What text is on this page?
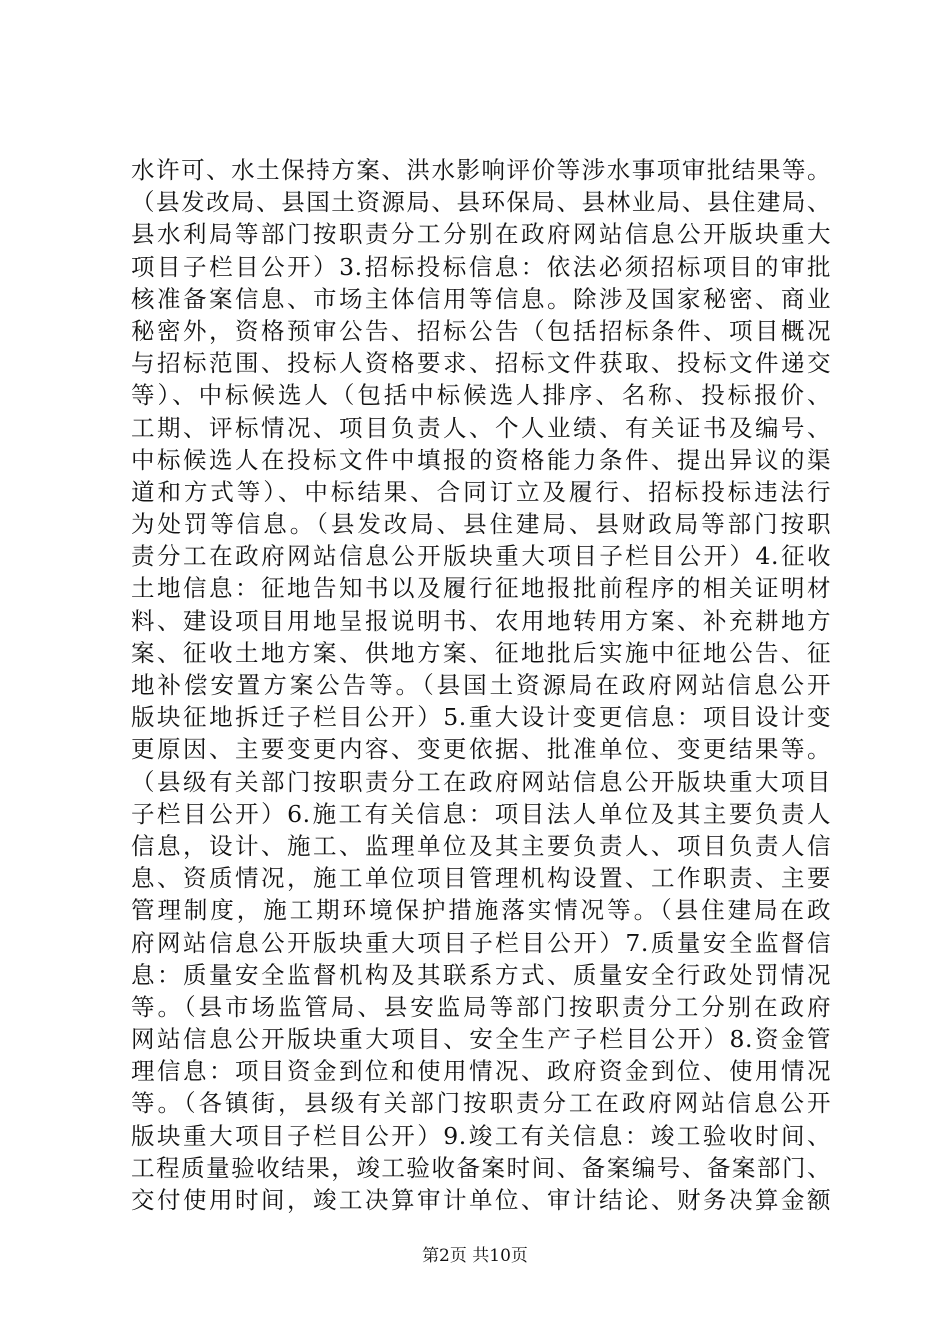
水许可、水土保持方案、洪水影响评价等涉水事项审批结果等。
（县发改局、县国土资源局、县环保局、县林业局、县住建局、
县水利局等部门按职责分工分别在政府网站信息公开版块重大
项目子栏目公开）3.招标投标信息：依法必须招标项目的审批
核准备案信息、市场主体信用等信息。除涉及国家秘密、商业
秘密外，资格预审公告、招标公告（包括招标条件、项目概况
与招标范围、投标人资格要求、招标文件获取、投标文件递交
等）、中标候选人（包括中标候选人排序、名称、投标报价、
工期、评标情况、项目负责人、个人业绩、有关证书及编号、
中标候选人在投标文件中填报的资格能力条件、提出异议的渠
道和方式等）、中标结果、合同订立及履行、招标投标违法行
为处罚等信息。（县发改局、县住建局、县财政局等部门按职
责分工在政府网站信息公开版块重大项目子栏目公开）4.征收
土地信息：征地告知书以及履行征地报批前程序的相关证明材
料、建设项目用地呈报说明书、农用地转用方案、补充耕地方
案、征收土地方案、供地方案、征地批后实施中征地公告、征
地补偿安置方案公告等。（县国土资源局在政府网站信息公开
版块征地拆迁子栏目公开）5.重大设计变更信息：项目设计变
更原因、主要变更内容、变更依据、批准单位、变更结果等。
（县级有关部门按职责分工在政府网站信息公开版块重大项目
子栏目公开）6.施工有关信息：项目法人单位及其主要负责人
信息，设计、施工、监理单位及其主要负责人、项目负责人信
息、资质情况，施工单位项目管理机构设置、工作职责、主要
管理制度，施工期环境保护措施落实情况等。（县住建局在政
府网站信息公开版块重大项目子栏目公开）7.质量安全监督信
息：质量安全监督机构及其联系方式、质量安全行政处罚情况
等。（县市场监管局、县安监局等部门按职责分工分别在政府
网站信息公开版块重大项目、安全生产子栏目公开）8.资金管
理信息：项目资金到位和使用情况、政府资金到位、使用情况
等。（各镇街，县级有关部门按职责分工在政府网站信息公开
版块重大项目子栏目公开）9.竣工有关信息：竣工验收时间、
工程质量验收结果，竣工验收备案时间、备案编号、备案部门、
交付使用时间，竣工决算审计单位、审计结论、财务决算金额
第2页 共10页
